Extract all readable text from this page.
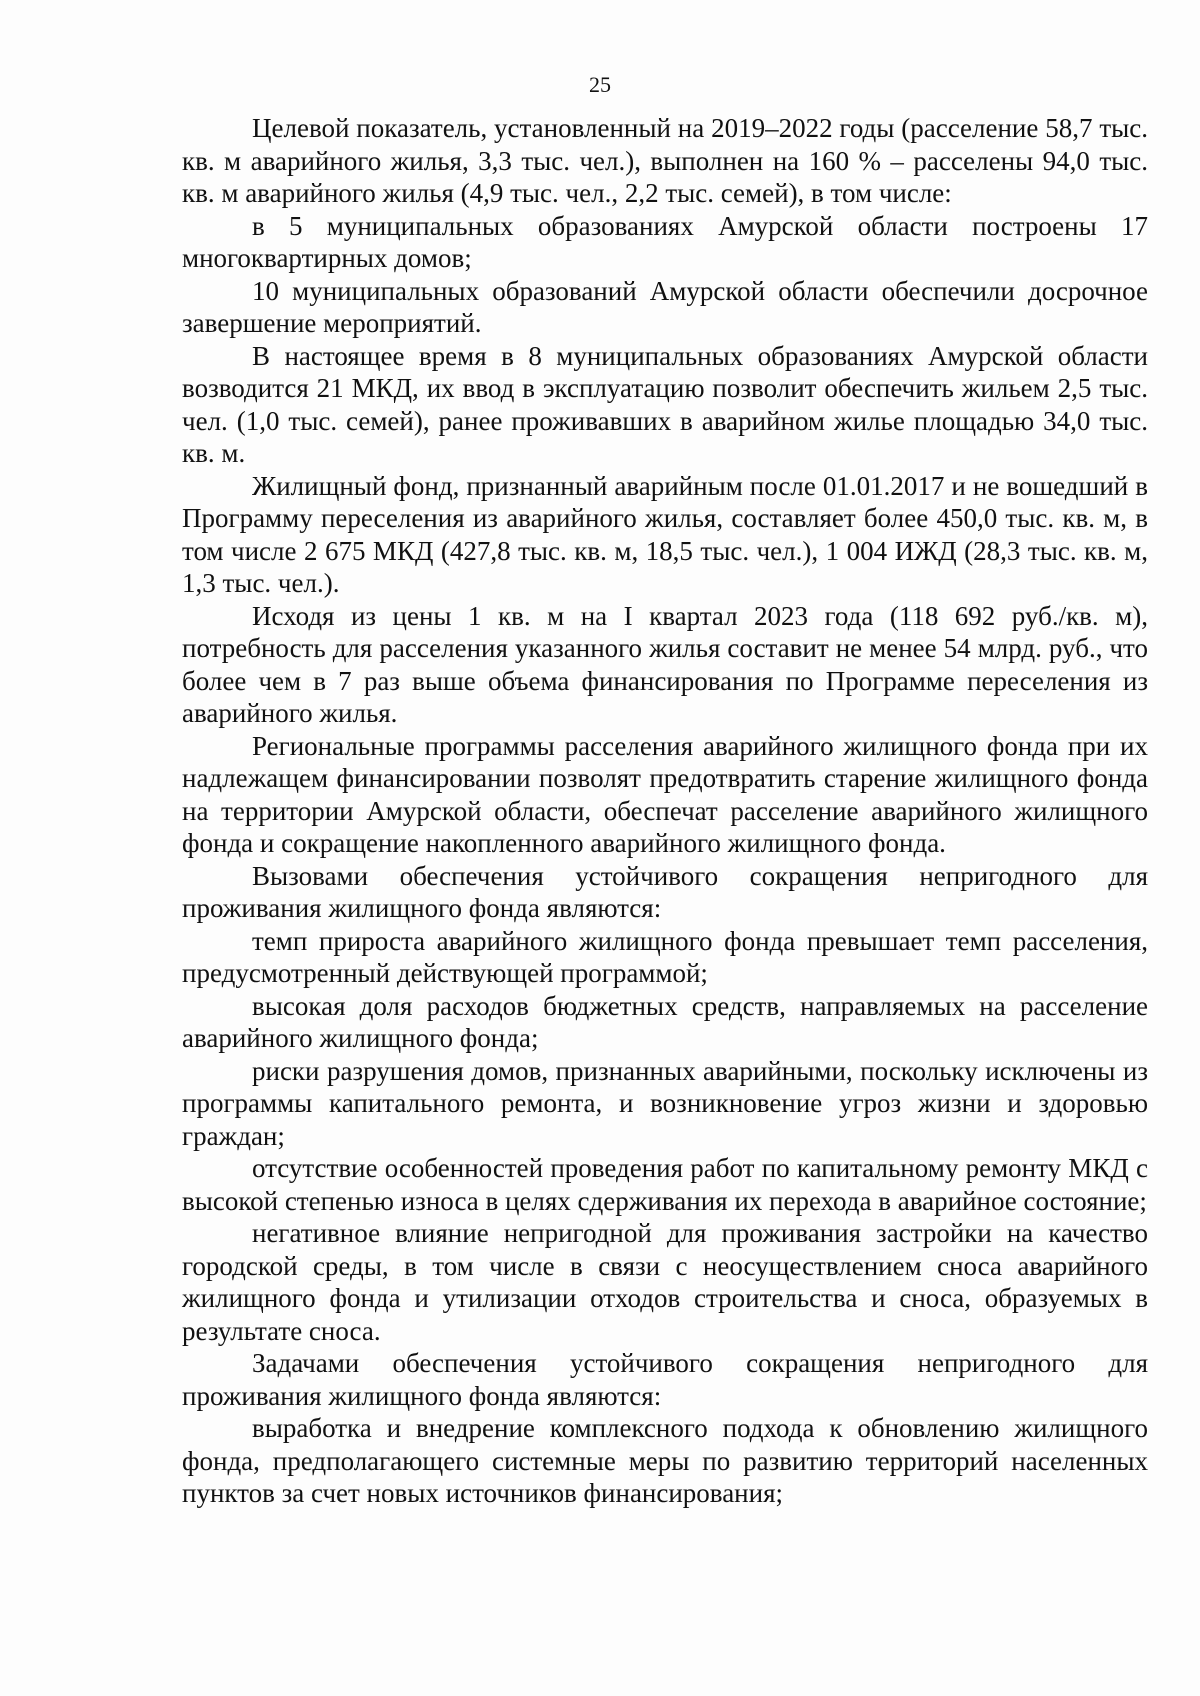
25

Целевой показатель, установленный на 2019–2022 годы (расселение 58,7 тыс. кв. м аварийного жилья, 3,3 тыс. чел.), выполнен на 160 % – расселены 94,0 тыс. кв. м аварийного жилья (4,9 тыс. чел., 2,2 тыс. семей), в том числе:

в 5 муниципальных образованиях Амурской области построены 17 многоквартирных домов;

10 муниципальных образований Амурской области обеспечили досрочное завершение мероприятий.

В настоящее время в 8 муниципальных образованиях Амурской области возводится 21 МКД, их ввод в эксплуатацию позволит обеспечить жильем 2,5 тыс. чел. (1,0 тыс. семей), ранее проживавших в аварийном жилье площадью 34,0 тыс. кв. м.

Жилищный фонд, признанный аварийным после 01.01.2017 и не вошедший в Программу переселения из аварийного жилья, составляет более 450,0 тыс. кв. м, в том числе 2 675 МКД (427,8 тыс. кв. м, 18,5 тыс. чел.), 1 004 ИЖД (28,3 тыс. кв. м, 1,3 тыс. чел.).

Исходя из цены 1 кв. м на I квартал 2023 года (118 692 руб./кв. м), потребность для расселения указанного жилья составит не менее 54 млрд. руб., что более чем в 7 раз выше объема финансирования по Программе переселения из аварийного жилья.

Региональные программы расселения аварийного жилищного фонда при их надлежащем финансировании позволят предотвратить старение жилищного фонда на территории Амурской области, обеспечат расселение аварийного жилищного фонда и сокращение накопленного аварийного жилищного фонда.

Вызовами обеспечения устойчивого сокращения непригодного для проживания жилищного фонда являются:

темп прироста аварийного жилищного фонда превышает темп расселения, предусмотренный действующей программой;

высокая доля расходов бюджетных средств, направляемых на расселение аварийного жилищного фонда;

риски разрушения домов, признанных аварийными, поскольку исключены из программы капитального ремонта, и возникновение угроз жизни и здоровью граждан;

отсутствие особенностей проведения работ по капитальному ремонту МКД с высокой степенью износа в целях сдерживания их перехода в аварийное состояние;

негативное влияние непригодной для проживания застройки на качество городской среды, в том числе в связи с неосуществлением сноса аварийного жилищного фонда и утилизации отходов строительства и сноса, образуемых в результате сноса.

Задачами обеспечения устойчивого сокращения непригодного для проживания жилищного фонда являются:

выработка и внедрение комплексного подхода к обновлению жилищного фонда, предполагающего системные меры по развитию территорий населенных пунктов за счет новых источников финансирования;
